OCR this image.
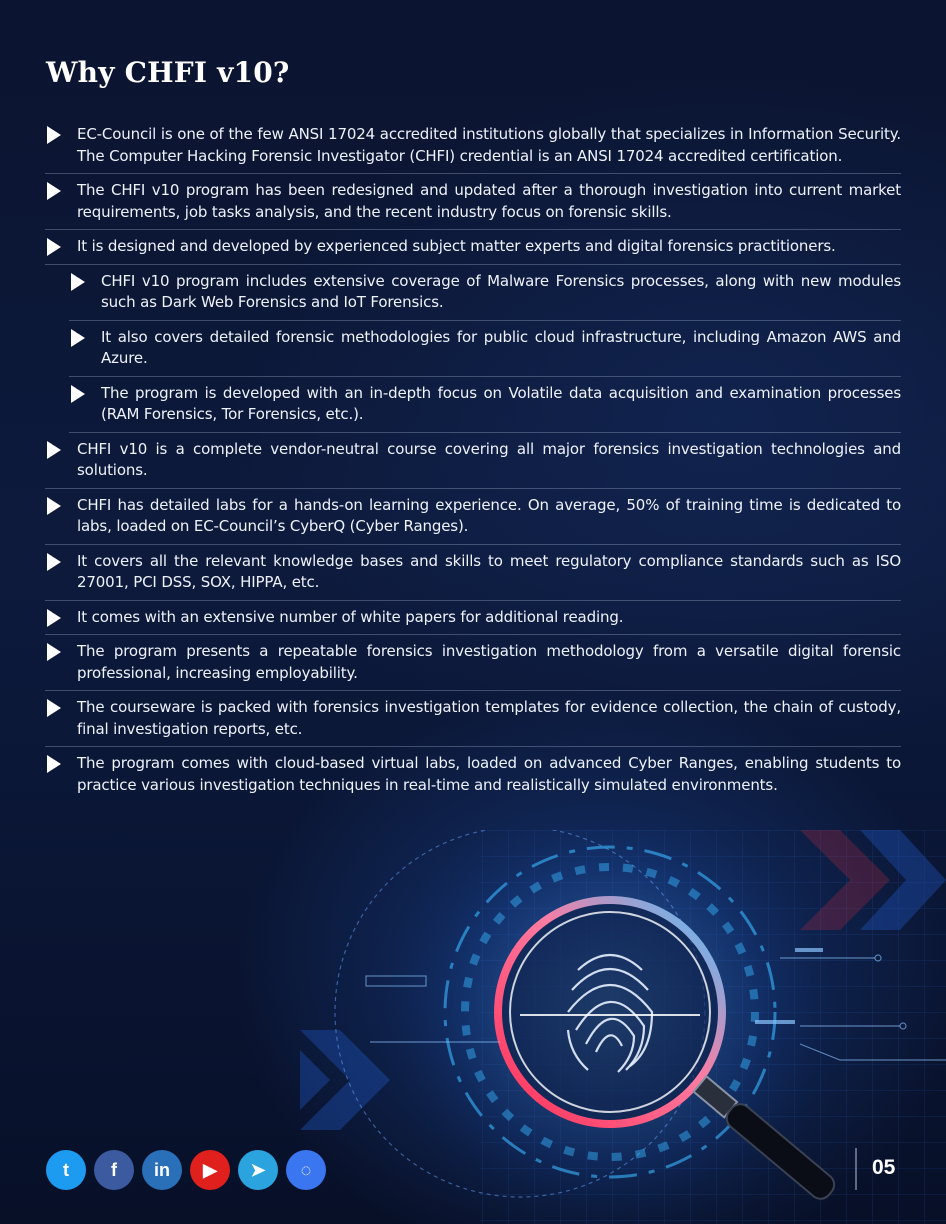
Why CHFI v10?
EC-Council is one of the few ANSI 17024 accredited institutions globally that specializes in Information Security. The Computer Hacking Forensic Investigator (CHFI) credential is an ANSI 17024 accredited certification.
The CHFI v10 program has been redesigned and updated after a thorough investigation into current market requirements, job tasks analysis, and the recent industry focus on forensic skills.
It is designed and developed by experienced subject matter experts and digital forensics practitioners.
CHFI v10 program includes extensive coverage of Malware Forensics processes, along with new modules such as Dark Web Forensics and IoT Forensics.
It also covers detailed forensic methodologies for public cloud infrastructure, including Amazon AWS and Azure.
The program is developed with an in-depth focus on Volatile data acquisition and examination processes (RAM Forensics, Tor Forensics, etc.).
CHFI v10 is a complete vendor-neutral course covering all major forensics investigation technologies and solutions.
CHFI has detailed labs for a hands-on learning experience. On average, 50% of training time is dedicated to labs, loaded on EC-Council’s CyberQ (Cyber Ranges).
It covers all the relevant knowledge bases and skills to meet regulatory compliance standards such as ISO 27001, PCI DSS, SOX, HIPPA, etc.
It comes with an extensive number of white papers for additional reading.
The program presents a repeatable forensics investigation methodology from a versatile digital forensic professional, increasing employability.
The courseware is packed with forensics investigation templates for evidence collection, the chain of custody, final investigation reports, etc.
The program comes with cloud-based virtual labs, loaded on advanced Cyber Ranges, enabling students to practice various investigation techniques in real-time and realistically simulated environments.
t	f	in	▶	➤	◌	05
